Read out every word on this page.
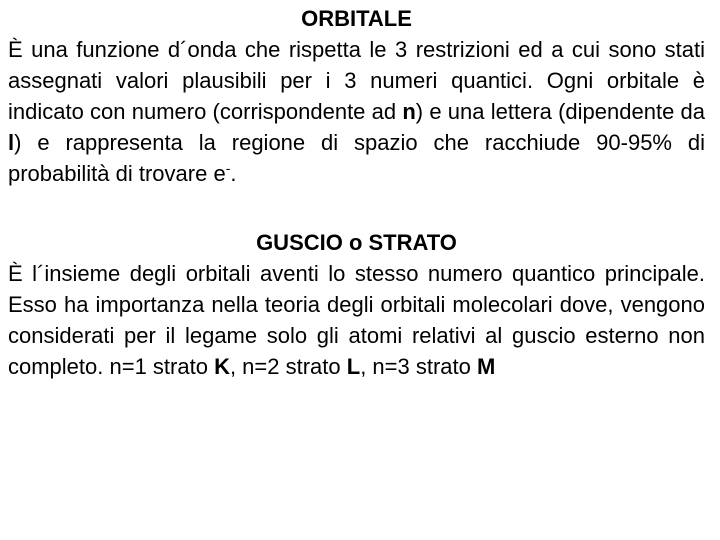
ORBITALE

È una funzione d´onda che rispetta le 3 restrizioni ed a cui sono stati assegnati valori plausibili per i 3 numeri quantici. Ogni orbitale è indicato con numero (corrispondente ad n) e una lettera (dipendente da l) e rappresenta la regione di spazio che racchiude 90-95% di probabilità di trovare e-.

GUSCIO o STRATO

È l´insieme degli orbitali aventi lo stesso numero quantico principale. Esso ha importanza nella teoria degli orbitali molecolari dove, vengono considerati per il legame solo gli atomi relativi al guscio esterno non completo. n=1 strato K, n=2 strato L, n=3 strato M
